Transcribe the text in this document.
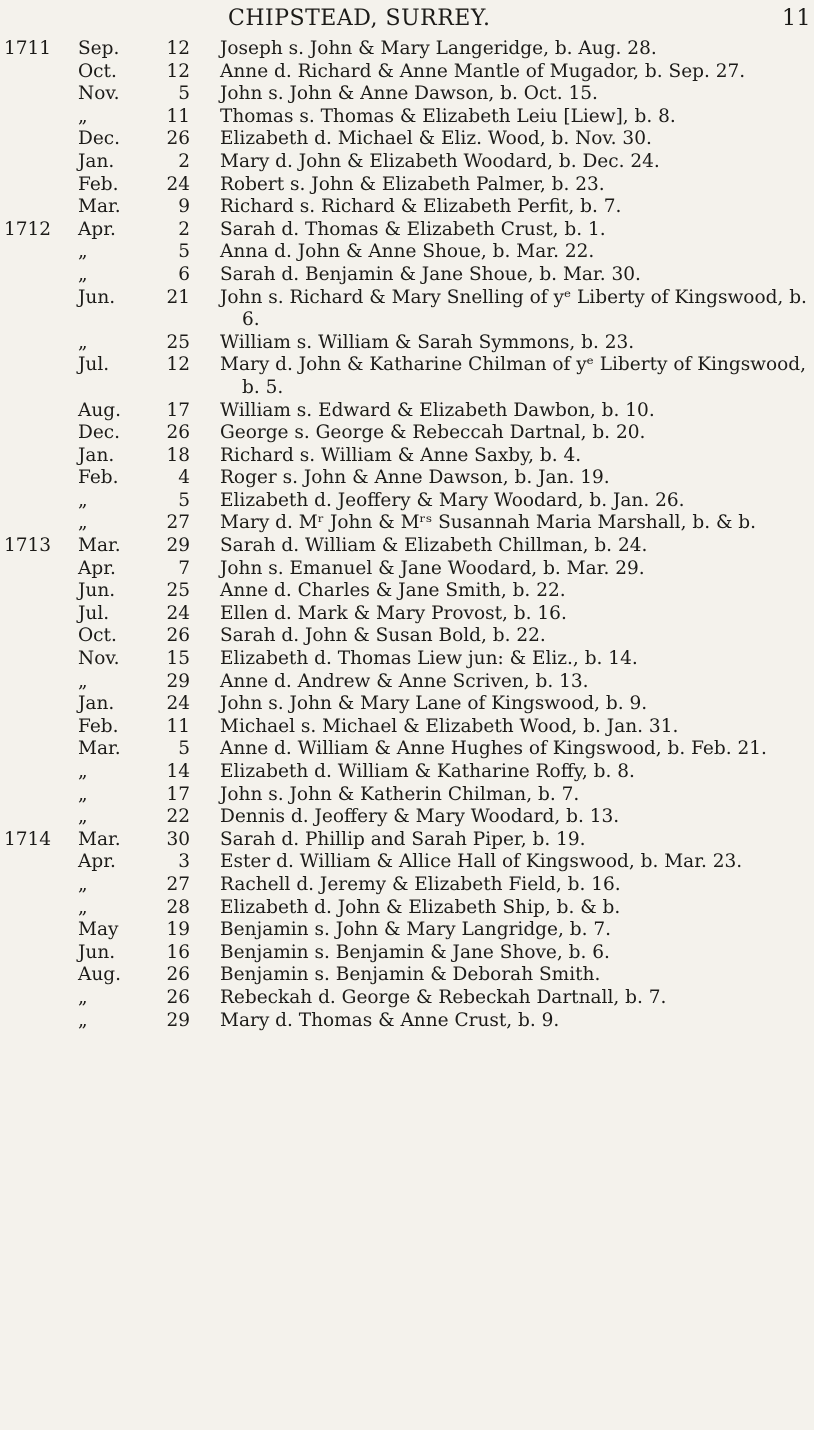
CHIPSTEAD, SURREY.	11
1711 Sep.	12 Joseph s. John & Mary Langeridge, b. Aug. 28.
Oct.	12 Anne d. Richard & Anne Mantle of Mugador, b. Sep. 27.
Nov.	5 John s. John & Anne Dawson, b. Oct. 15.
„	11 Thomas s. Thomas & Elizabeth Leiu [Liew], b. 8.
Dec.	26 Elizabeth d. Michael & Eliz. Wood, b. Nov. 30.
Jan.	2 Mary d. John & Elizabeth Woodard, b. Dec. 24.
Feb.	24 Robert s. John & Elizabeth Palmer, b. 23.
Mar.	9 Richard s. Richard & Elizabeth Perfit, b. 7.
1712 Apr.	2 Sarah d. Thomas & Elizabeth Crust, b. 1.
„	5 Anna d. John & Anne Shoue, b. Mar. 22.
„	6 Sarah d. Benjamin & Jane Shoue, b. Mar. 30.
Jun.	21 John s. Richard & Mary Snelling of yᵉ Liberty of Kingswood, b. 6.
„	25 William s. William & Sarah Symmons, b. 23.
Jul.	12 Mary d. John & Katharine Chilman of yᵉ Liberty of Kingswood, b. 5.
Aug.	17 William s. Edward & Elizabeth Dawbon, b. 10.
Dec.	26 George s. George & Rebeccah Dartnal, b. 20.
Jan.	18 Richard s. William & Anne Saxby, b. 4.
Feb.	4 Roger s. John & Anne Dawson, b. Jan. 19.
„	5 Elizabeth d. Jeoffery & Mary Woodard, b. Jan. 26.
„	27 Mary d. Mʳ John & Mʳˢ Susannah Maria Marshall, b. & b.
1713 Mar.	29 Sarah d. William & Elizabeth Chillman, b. 24.
Apr.	7 John s. Emanuel & Jane Woodard, b. Mar. 29.
Jun.	25 Anne d. Charles & Jane Smith, b. 22.
Jul.	24 Ellen d. Mark & Mary Provost, b. 16.
Oct.	26 Sarah d. John & Susan Bold, b. 22.
Nov.	15 Elizabeth d. Thomas Liew jun: & Eliz., b. 14.
„	29 Anne d. Andrew & Anne Scriven, b. 13.
Jan.	24 John s. John & Mary Lane of Kingswood, b. 9.
Feb.	11 Michael s. Michael & Elizabeth Wood, b. Jan. 31.
Mar.	5 Anne d. William & Anne Hughes of Kingswood, b. Feb. 21.
„	14 Elizabeth d. William & Katharine Roffy, b. 8.
„	17 John s. John & Katherin Chilman, b. 7.
„	22 Dennis d. Jeoffery & Mary Woodard, b. 13.
1714 Mar.	30 Sarah d. Phillip and Sarah Piper, b. 19.
Apr.	3 Ester d. William & Allice Hall of Kingswood, b. Mar. 23.
„	27 Rachell d. Jeremy & Elizabeth Field, b. 16.
„	28 Elizabeth d. John & Elizabeth Ship, b. & b.
May	19 Benjamin s. John & Mary Langridge, b. 7.
Jun.	16 Benjamin s. Benjamin & Jane Shove, b. 6.
Aug.	26 Benjamin s. Benjamin & Deborah Smith.
„	26 Rebeckah d. George & Rebeckah Dartnall, b. 7.
„	29 Mary d. Thomas & Anne Crust, b. 9.
